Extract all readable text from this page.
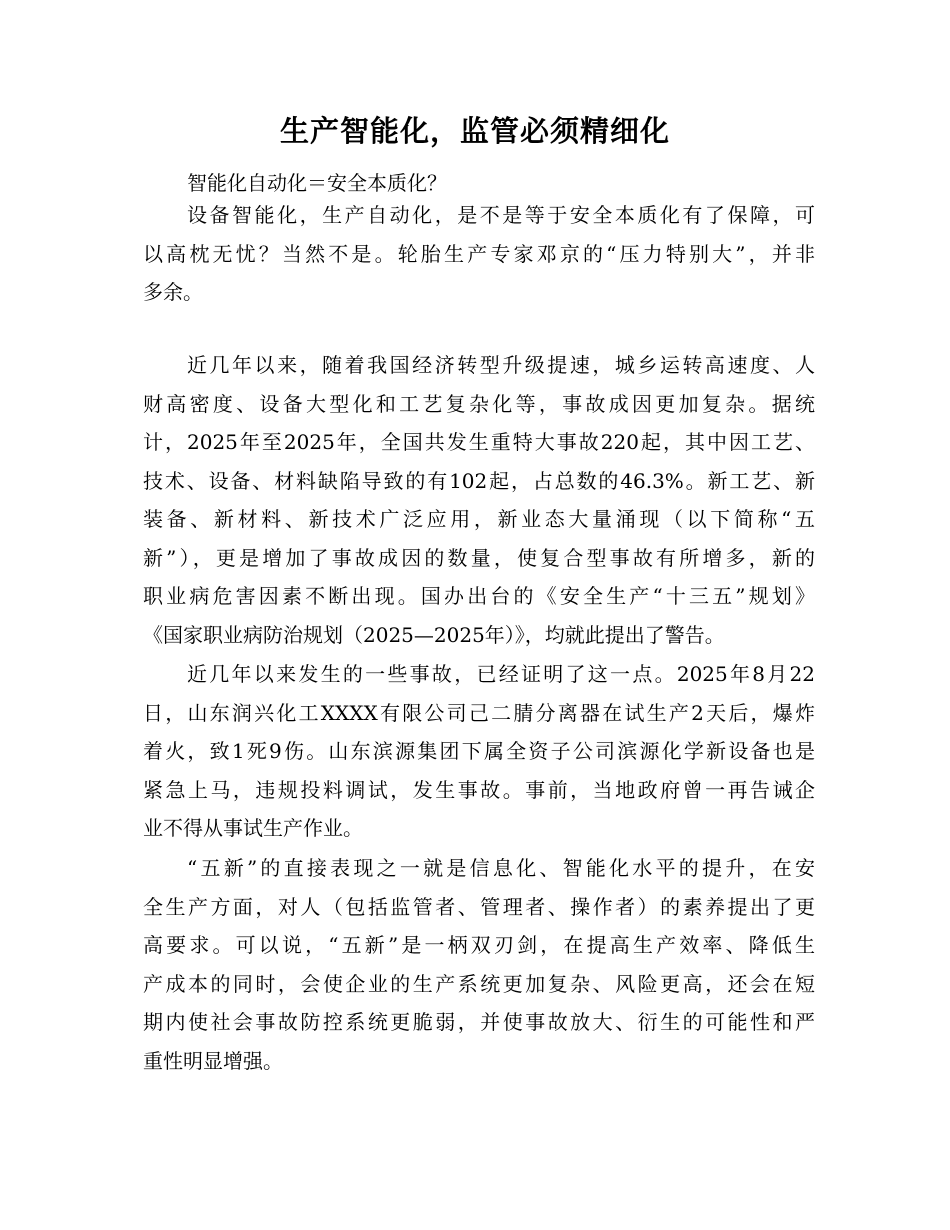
生产智能化，监管必须精细化

智能化自动化＝安全本质化？

设备智能化，生产自动化，是不是等于安全本质化有了保障，可
以高枕无忧？当然不是。轮胎生产专家邓京的“压力特别大”，并非
多余。
近几年以来，随着我国经济转型升级提速，城乡运转高速度、人
财高密度、设备大型化和工艺复杂化等，事故成因更加复杂。据统
计，2025年至2025年，全国共发生重特大事故220起，其中因工艺、
技术、设备、材料缺陷导致的有102起，占总数的46.3%。新工艺、新
装备、新材料、新技术广泛应用，新业态大量涌现（以下简称“五
新”），更是增加了事故成因的数量，使复合型事故有所增多，新的
职业病危害因素不断出现。国办出台的《安全生产“十三五”规划》
《国家职业病防治规划（2025—2025年）》，均就此提出了警告。
近几年以来发生的一些事故，已经证明了这一点。2025年8月22
日，山东润兴化工XXXX有限公司己二腈分离器在试生产2天后，爆炸
着火，致1死9伤。山东滨源集团下属全资子公司滨源化学新设备也是
紧急上马，违规投料调试，发生事故。事前，当地政府曾一再告诫企
业不得从事试生产作业。
“五新”的直接表现之一就是信息化、智能化水平的提升，在安
全生产方面，对人（包括监管者、管理者、操作者）的素养提出了更
高要求。可以说，“五新”是一柄双刃剑，在提高生产效率、降低生
产成本的同时，会使企业的生产系统更加复杂、风险更高，还会在短
期内使社会事故防控系统更脆弱，并使事故放大、衍生的可能性和严
重性明显增强。
